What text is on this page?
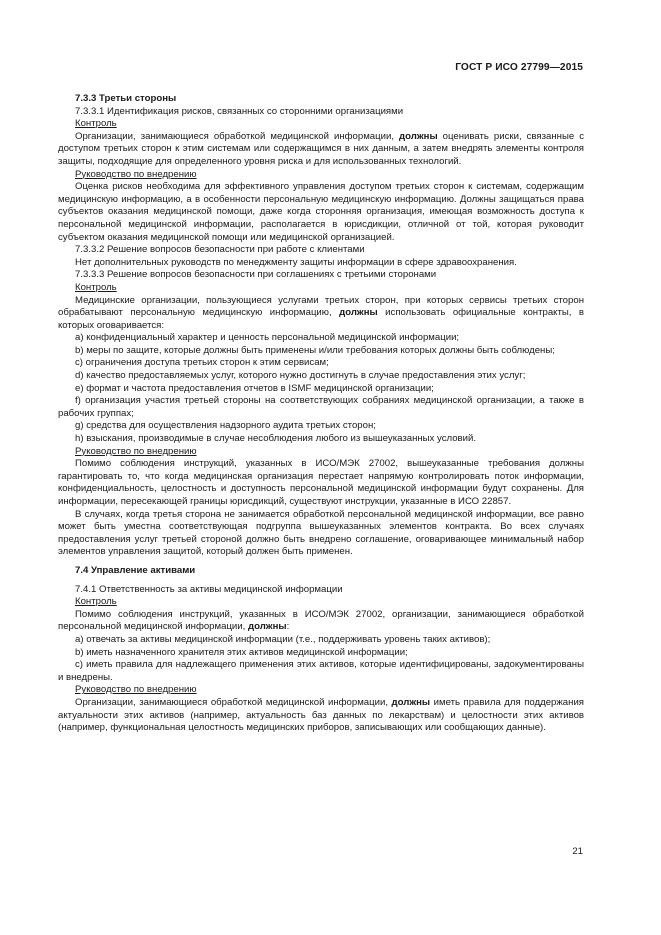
ГОСТ Р ИСО 27799—2015

7.3.3 Третьи стороны

7.3.3.1 Идентификация рисков, связанных со сторонними организациями

Контроль

Организации, занимающиеся обработкой медицинской информации, должны оценивать риски, связанные с доступом третьих сторон к этим системам или содержащимся в них данным, а затем внедрять элементы контроля защиты, подходящие для определенного уровня риска и для использованных технологий.

Руководство по внедрению

Оценка рисков необходима для эффективного управления доступом третьих сторон к системам, содержащим медицинскую информацию, а в особенности персональную медицинскую информацию. Должны защищаться права субъектов оказания медицинской помощи, даже когда сторонняя организация, имеющая возможность доступа к персональной медицинской информации, располагается в юрисдикции, отличной от той, которая руководит субъектом оказания медицинской помощи или медицинской организацией.

7.3.3.2 Решение вопросов безопасности при работе с клиентами

Нет дополнительных руководств по менеджменту защиты информации в сфере здравоохранения.

7.3.3.3 Решение вопросов безопасности при соглашениях с третьими сторонами

Контроль

Медицинские организации, пользующиеся услугами третьих сторон, при которых сервисы третьих сторон обрабатывают персональную медицинскую информацию, должны использовать официальные контракты, в которых оговаривается:

a) конфиденциальный характер и ценность персональной медицинской информации;

b) меры по защите, которые должны быть применены и/или требования которых должны быть соблюдены;

c) ограничения доступа третьих сторон к этим сервисам;

d) качество предоставляемых услуг, которого нужно достигнуть в случае предоставления этих услуг;

e) формат и частота предоставления отчетов в ISMF медицинской организации;

f) организация участия третьей стороны на соответствующих собраниях медицинской организации, а также в рабочих группах;

g) средства для осуществления надзорного аудита третьих сторон;

h) взыскания, производимые в случае несоблюдения любого из вышеуказанных условий.

Руководство по внедрению

Помимо соблюдения инструкций, указанных в ИСО/МЭК 27002, вышеуказанные требования должны гарантировать то, что когда медицинская организация перестает напрямую контролировать поток информации, конфиденциальность, целостность и доступность персональной медицинской информации будут сохранены. Для информации, пересекающей границы юрисдикций, существуют инструкции, указанные в ИСО 22857.

В случаях, когда третья сторона не занимается обработкой персональной медицинской информации, все равно может быть уместна соответствующая подгруппа вышеуказанных элементов контракта. Во всех случаях предоставления услуг третьей стороной должно быть внедрено соглашение, оговаривающее минимальный набор элементов управления защитой, который должен быть применен.

7.4 Управление активами

7.4.1 Ответственность за активы медицинской информации

Контроль

Помимо соблюдения инструкций, указанных в ИСО/МЭК 27002, организации, занимающиеся обработкой персональной медицинской информации, должны:

a) отвечать за активы медицинской информации (т.е., поддерживать уровень таких активов);

b) иметь назначенного хранителя этих активов медицинской информации;

c) иметь правила для надлежащего применения этих активов, которые идентифицированы, задокументированы и внедрены.

Руководство по внедрению

Организации, занимающиеся обработкой медицинской информации, должны иметь правила для поддержания актуальности этих активов (например, актуальность баз данных по лекарствам) и целостности этих активов (например, функциональная целостность медицинских приборов, записывающих или сообщающих данные).

21
